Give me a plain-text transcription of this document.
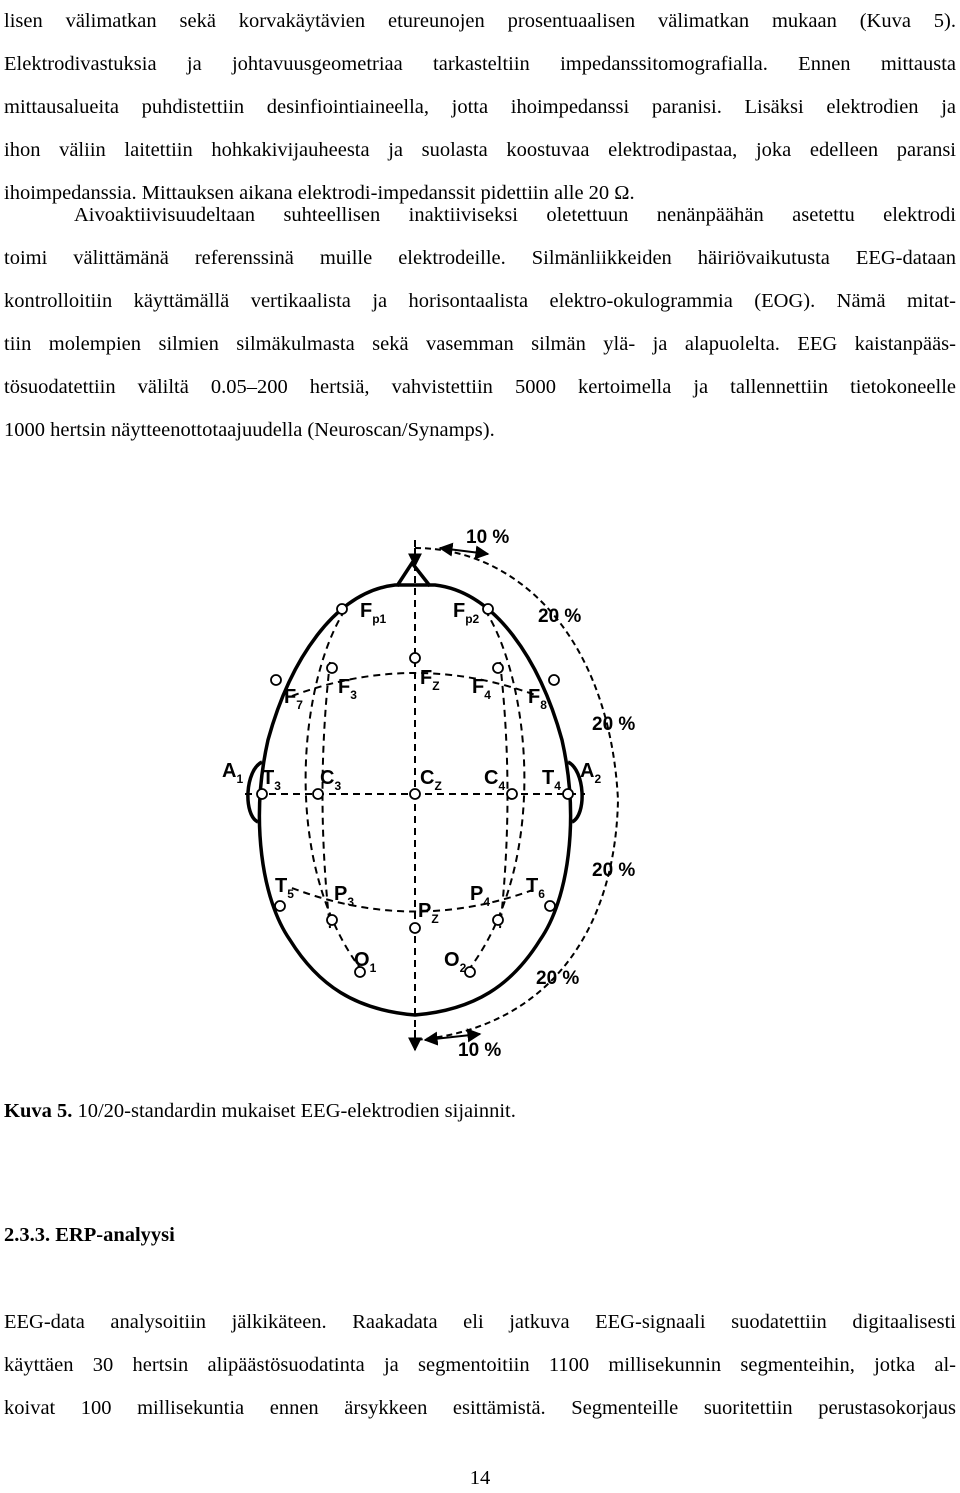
lisen välimatkan sekä korvakäytävien etureunojen prosentuaalisen välimatkan mukaan (Kuva 5).
Elektrodivastuksia ja johtavuusgeometriaa tarkasteltiin impedanssitomografialla. Ennen mittausta
mittausalueita puhdistettiin desinfiointiaineella, jotta ihoimpedanssi paranisi. Lisäksi elektrodien ja
ihon väliin laitettiin hohkakivijauheesta ja suolasta koostuvaa elektrodipastaa, joka edelleen paransi
ihoimpedanssia. Mittauksen aikana elektrodi-impedanssit pidettiin alle 20 Ω.
Aivoaktiivisuudeltaan suhteellisen inaktiiviseksi oletettuun nenänpäähän asetettu elektrodi
toimi välittämänä referenssinä muille elektrodeille. Silmänliikkeiden häiriövaikutusta EEG-dataan
kontrolloitiin käyttämällä vertikaalista ja horisontaalista elektro-okulogrammia (EOG). Nämä mitat-
tiin molempien silmien silmäkulmasta sekä vasemman silmän ylä- ja alapuolelta. EEG kaistanpääs-
tösuodatettiin väliltä 0.05–200 hertsiä, vahvistettiin 5000 kertoimella ja tallennettiin tietokoneelle
1000 hertsin näytteenottotaajuudella (Neuroscan/Synamps).
10 %
20 %
20 %
20 %
20 %
10 %
$F_{p1}$	$F_{p2}$
$F_7$
$F_3$
$F_Z$ $F_4$ $F_8$
$A_1$ $T_3$ $C_3$	$C_Z$ $C_4$ $T_4$
$A_2$
$T_5$ $P_3$	$P_Z$
$P_4$
$T_6$
$O_1$	$O_2$

Kuva 5. 10/20-standardin mukaiset EEG-elektrodien sijainnit.

2.3.3. ERP-analyysi

EEG-data analysoitiin jälkikäteen. Raakadata eli jatkuva EEG-signaali suodatettiin digitaalisesti
käyttäen 30 hertsin alipäästösuodatinta ja segmentoitiin 1100 millisekunnin segmenteihin, jotka al-
koivat 100 millisekuntia ennen ärsykkeen esittämistä. Segmenteille suoritettiin perustasokorjaus
14
